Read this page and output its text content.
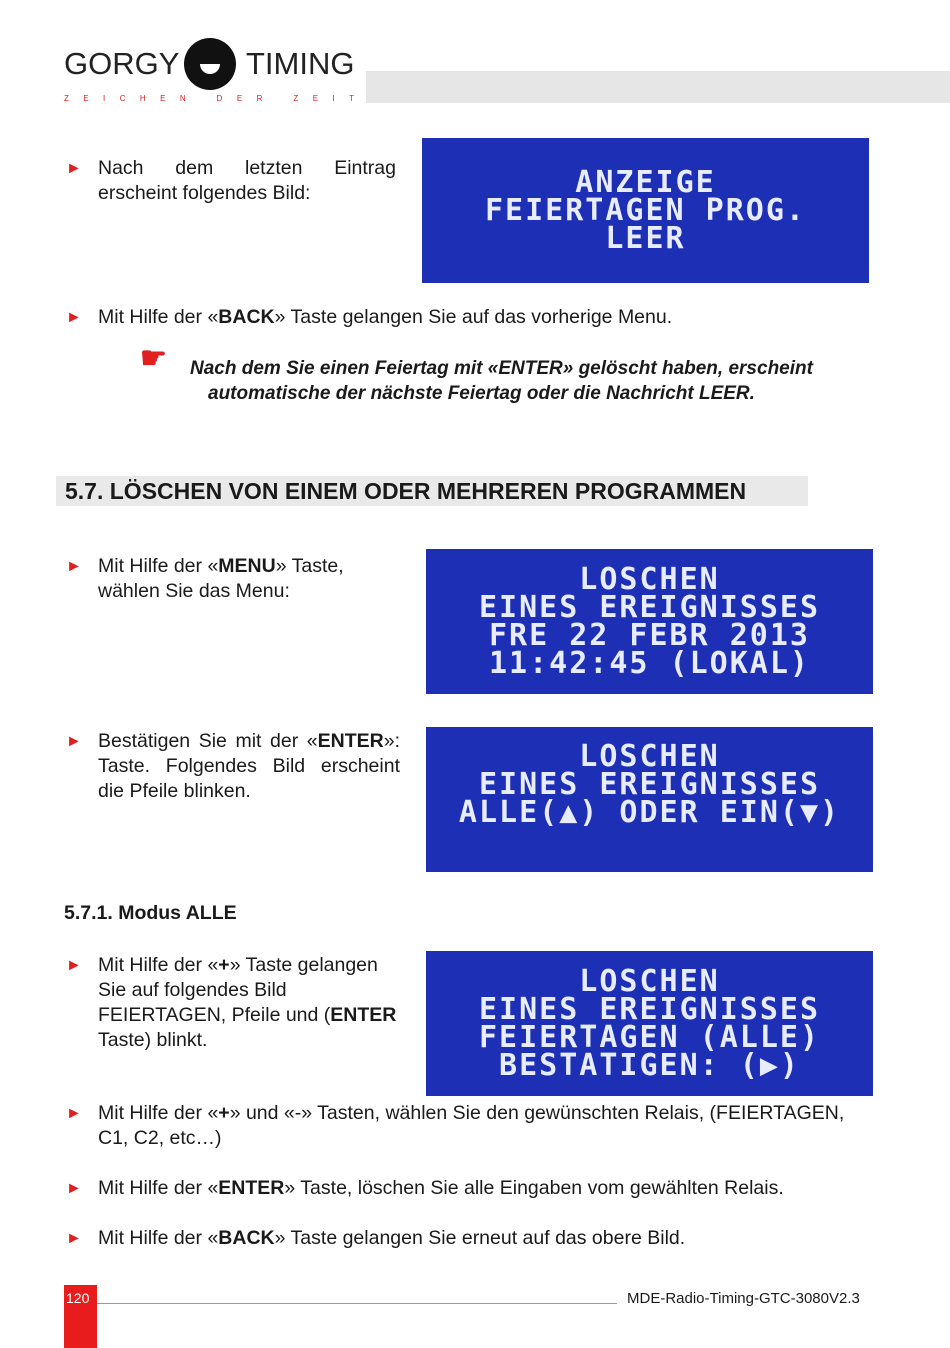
GORGY TIMING
Z E I C H E N
	D E R
	Z E I T
► Nach dem letzten Eintrag erscheint folgendes Bild:	ANZEIGE
FEIERTAGEN PROG.
LEER
► Mit Hilfe der «BACK» Taste gelangen Sie auf das vorherige Menu.
☛ Nach dem Sie einen Feiertag mit «ENTER» gelöscht haben, erscheint
automatische der nächste Feiertag oder die Nachricht LEER.
5.7. LÖSCHEN VON EINEM ODER MEHREREN PROGRAMMEN
► Mit Hilfe der «MENU» Taste, wählen Sie das Menu:	LOSCHEN
EINES EREIGNISSES
FRE 22 FEBR 2013
11:42:45 (LOKAL)
► Bestätigen Sie mit der «ENTER»: Taste. Folgendes Bild erscheint die Pfeile blinken.
LOSCHEN
EINES EREIGNISSES
ALLE(▲) ODER EIN(▼)
5.7.1. Modus ALLE
► Mit Hilfe der «+» Taste gelangen Sie auf folgendes Bild FEIERTAGEN, Pfeile und (ENTER Taste) blinkt.
LOSCHEN
EINES EREIGNISSES
FEIERTAGEN (ALLE)
BESTATIGEN: (▶)
► Mit Hilfe der «+» und «-» Tasten, wählen Sie den gewünschten Relais, (FEIERTAGEN, C1, C2, etc…)
► Mit Hilfe der «ENTER» Taste, löschen Sie alle Eingaben vom gewählten Relais.
► Mit Hilfe der «BACK» Taste gelangen Sie erneut auf das obere Bild.
120	MDE-Radio-Timing-GTC-3080V2.3
